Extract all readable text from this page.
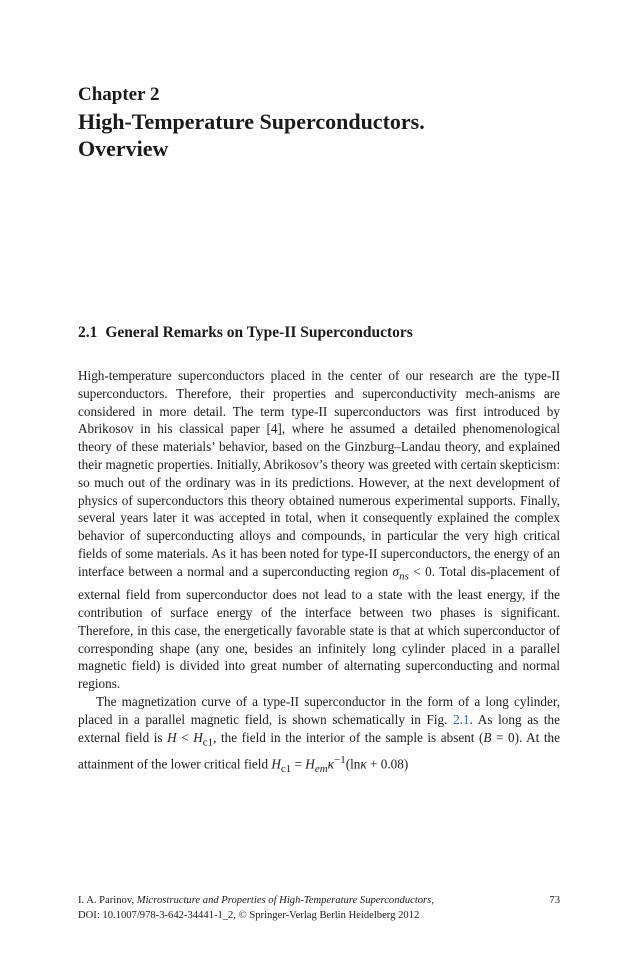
Chapter 2
High-Temperature Superconductors.
Overview
2.1 General Remarks on Type-II Superconductors

High-temperature superconductors placed in the center of our research are the type-II superconductors. Therefore, their properties and superconductivity mech-anisms are considered in more detail. The term type-II superconductors was first introduced by Abrikosov in his classical paper [4], where he assumed a detailed phenomenological theory of these materials’ behavior, based on the Ginzburg–Landau theory, and explained their magnetic properties. Initially, Abrikosov’s theory was greeted with certain skepticism: so much out of the ordinary was in its predictions. However, at the next development of physics of superconductors this theory obtained numerous experimental supports. Finally, several years later it was accepted in total, when it consequently explained the complex behavior of superconducting alloys and compounds, in particular the very high critical fields of some materials. As it has been noted for type-II superconductors, the energy of an interface between a normal and a superconducting region $\sigma_{ns} < 0$. Total dis-placement of external field from superconductor does not lead to a state with the least energy, if the contribution of surface energy of the interface between two phases is significant. Therefore, in this case, the energetically favorable state is that at which superconductor of corresponding shape (any one, besides an infinitely long cylinder placed in a parallel magnetic field) is divided into great number of alternating superconducting and normal regions.

The magnetization curve of a type-II superconductor in the form of a long cylinder, placed in a parallel magnetic field, is shown schematically in Fig. 2.1. As long as the external field is $H < H_{c1}$, the field in the interior of the sample is absent (B = 0). At the attainment of the lower critical field $H_{c1} = H_{em}\kappa^{-1}(\ln\kappa + 0.08)$

I. A. Parinov, Microstructure and Properties of High-Temperature Superconductors,	73
DOI: 10.1007/978-3-642-34441-1_2, © Springer-Verlag Berlin Heidelberg 2012
